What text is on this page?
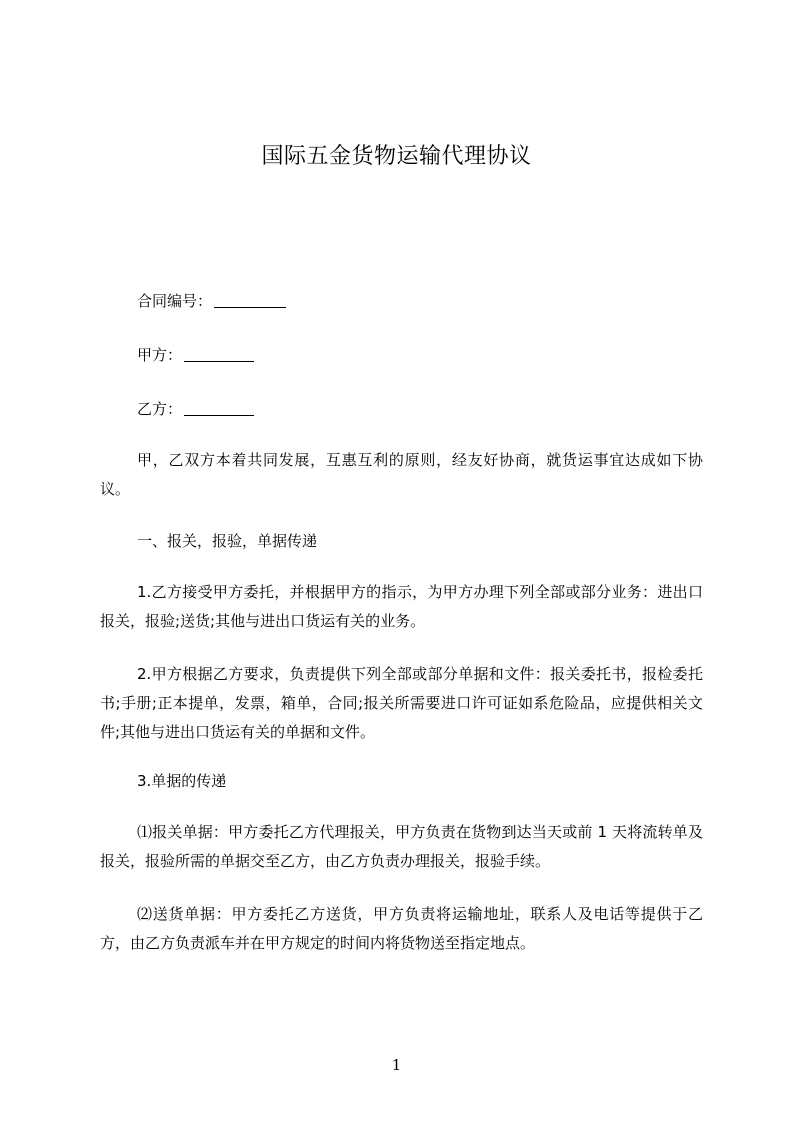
国际五金货物运输代理协议
合同编号：
甲方：
乙方：
甲，乙双方本着共同发展，互惠互利的原则，经友好协商，就货运事宜达成如下协议。
一、报关，报验，单据传递
1.乙方接受甲方委托，并根据甲方的指示，为甲方办理下列全部或部分业务：进出口报关，报验;送货;其他与进出口货运有关的业务。
2.甲方根据乙方要求，负责提供下列全部或部分单据和文件：报关委托书，报检委托书;手册;正本提单，发票，箱单，合同;报关所需要进口许可证如系危险品，应提供相关文件;其他与进出口货运有关的单据和文件。
3.单据的传递
⑴报关单据：甲方委托乙方代理报关，甲方负责在货物到达当天或前 1 天将流转单及报关，报验所需的单据交至乙方，由乙方负责办理报关，报验手续。
⑵送货单据：甲方委托乙方送货，甲方负责将运输地址，联系人及电话等提供于乙方，由乙方负责派车并在甲方规定的时间内将货物送至指定地点。
1
